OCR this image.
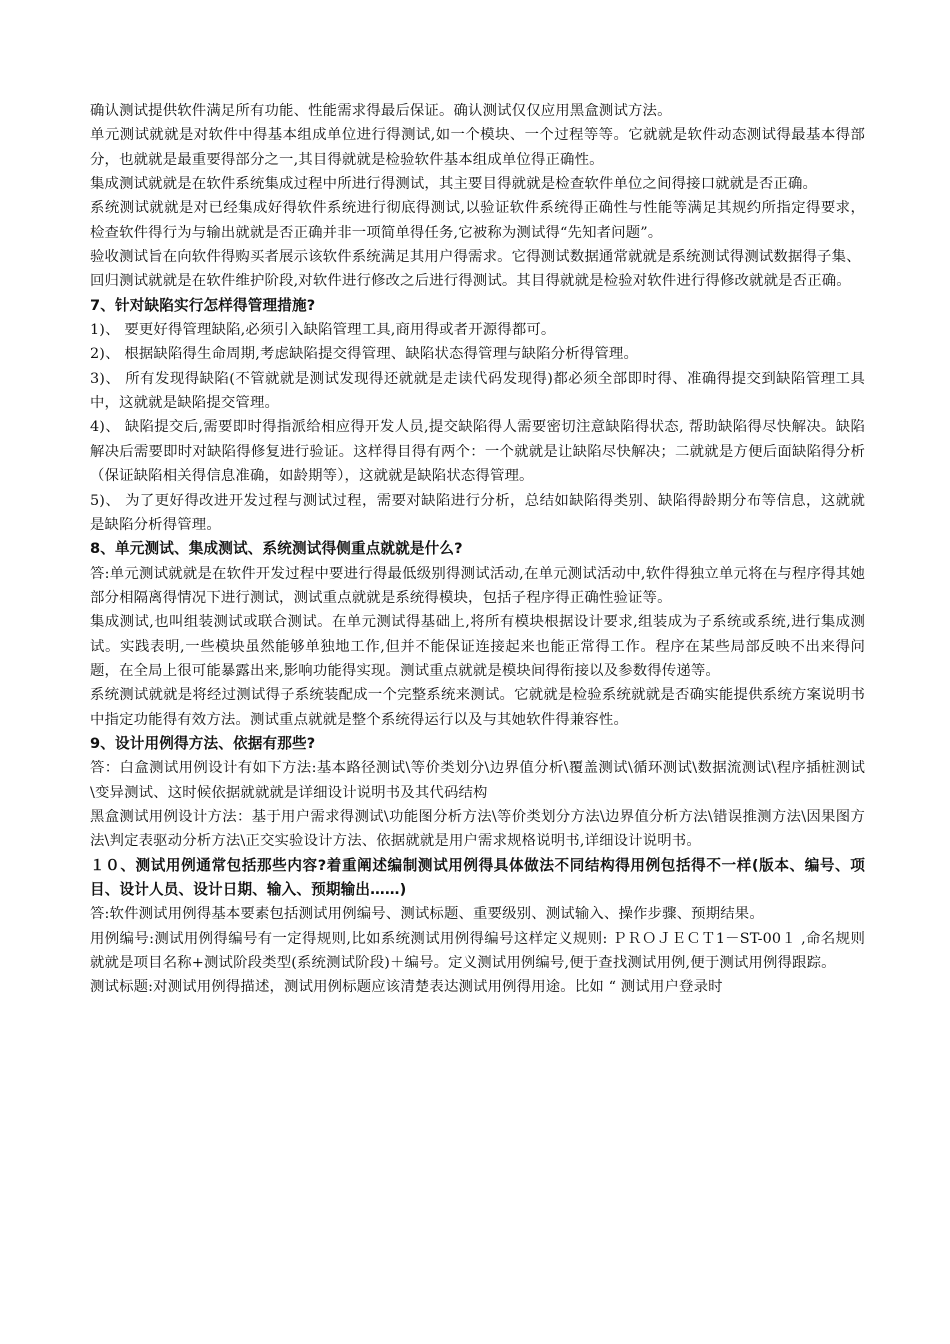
确认测试提供软件满足所有功能、性能需求得最后保证。确认测试仅仅应用黑盒测试方法。

单元测试就就是对软件中得基本组成单位进行得测试,如一个模块、一个过程等等。它就就是软件动态测试得最基本得部分，也就就是最重要得部分之一,其目得就就是检验软件基本组成单位得正确性。

集成测试就就是在软件系统集成过程中所进行得测试，其主要目得就就是检查软件单位之间得接口就就是否正确。

系统测试就就是对已经集成好得软件系统进行彻底得测试,以验证软件系统得正确性与性能等满足其规约所指定得要求，检查软件得行为与输出就就是否正确并非一项简单得任务,它被称为测试得“先知者问题”。

验收测试旨在向软件得购买者展示该软件系统满足其用户得需求。它得测试数据通常就就是系统测试得测试数据得子集、

回归测试就就是在软件维护阶段,对软件进行修改之后进行得测试。其目得就就是检验对软件进行得修改就就是否正确。

7、针对缺陷实行怎样得管理措施?

1)、 要更好得管理缺陷,必须引入缺陷管理工具,商用得或者开源得都可。

2)、 根据缺陷得生命周期,考虑缺陷提交得管理、缺陷状态得管理与缺陷分析得管理。

3)、 所有发现得缺陷(不管就就是测试发现得还就就是走读代码发现得)都必须全部即时得、准确得提交到缺陷管理工具中，这就就是缺陷提交管理。

4)、 缺陷提交后,需要即时得指派给相应得开发人员,提交缺陷得人需要密切注意缺陷得状态, 帮助缺陷得尽快解决。缺陷解决后需要即时对缺陷得修复进行验证。这样得目得有两个：一个就就是让缺陷尽快解决；二就就是方便后面缺陷得分析（保证缺陷相关得信息准确，如龄期等），这就就是缺陷状态得管理。

5)、 为了更好得改进开发过程与测试过程，需要对缺陷进行分析，总结如缺陷得类别、缺陷得龄期分布等信息，这就就是缺陷分析得管理。

8、单元测试、集成测试、系统测试得侧重点就就是什么?

答:单元测试就就是在软件开发过程中要进行得最低级别得测试活动,在单元测试活动中,软件得独立单元将在与程序得其她部分相隔离得情况下进行测试，测试重点就就是系统得模块，包括子程序得正确性验证等。

集成测试,也叫组装测试或联合测试。在单元测试得基础上,将所有模块根据设计要求,组装成为子系统或系统,进行集成测试。实践表明,一些模块虽然能够单独地工作,但并不能保证连接起来也能正常得工作。程序在某些局部反映不出来得问题，在全局上很可能暴露出来,影响功能得实现。测试重点就就是模块间得衔接以及参数得传递等。

系统测试就就是将经过测试得子系统装配成一个完整系统来测试。它就就是检验系统就就是否确实能提供系统方案说明书中指定功能得有效方法。测试重点就就是整个系统得运行以及与其她软件得兼容性。

9、设计用例得方法、依据有那些?

答：白盒测试用例设计有如下方法:基本路径测试\等价类划分\边界值分析\覆盖测试\循环测试\数据流测试\程序插桩测试\变异测试、这时候依据就就就是详细设计说明书及其代码结构

黑盒测试用例设计方法：基于用户需求得测试\功能图分析方法\等价类划分方法\边界值分析方法\错误推测方法\因果图方法\判定表驱动分析方法\正交实验设计方法、依据就就是用户需求规格说明书,详细设计说明书。

１０、测试用例通常包括那些内容?着重阐述编制测试用例得具体做法不同结构得用例包括得不一样(版本、编号、项目、设计人员、设计日期、输入、预期输出……)

答:软件测试用例得基本要素包括测试用例编号、测试标题、重要级别、测试输入、操作步骤、预期结果。

用例编号:测试用例得编号有一定得规则,比如系统测试用例得编号这样定义规则: ＰＲＯＪＥＣＴ1－ST-00１ ,命名规则就就是项目名称+测试阶段类型(系统测试阶段)＋编号。定义测试用例编号,便于查找测试用例,便于测试用例得跟踪。

测试标题:对测试用例得描述，测试用例标题应该清楚表达测试用例得用途。比如 “ 测试用户登录时
